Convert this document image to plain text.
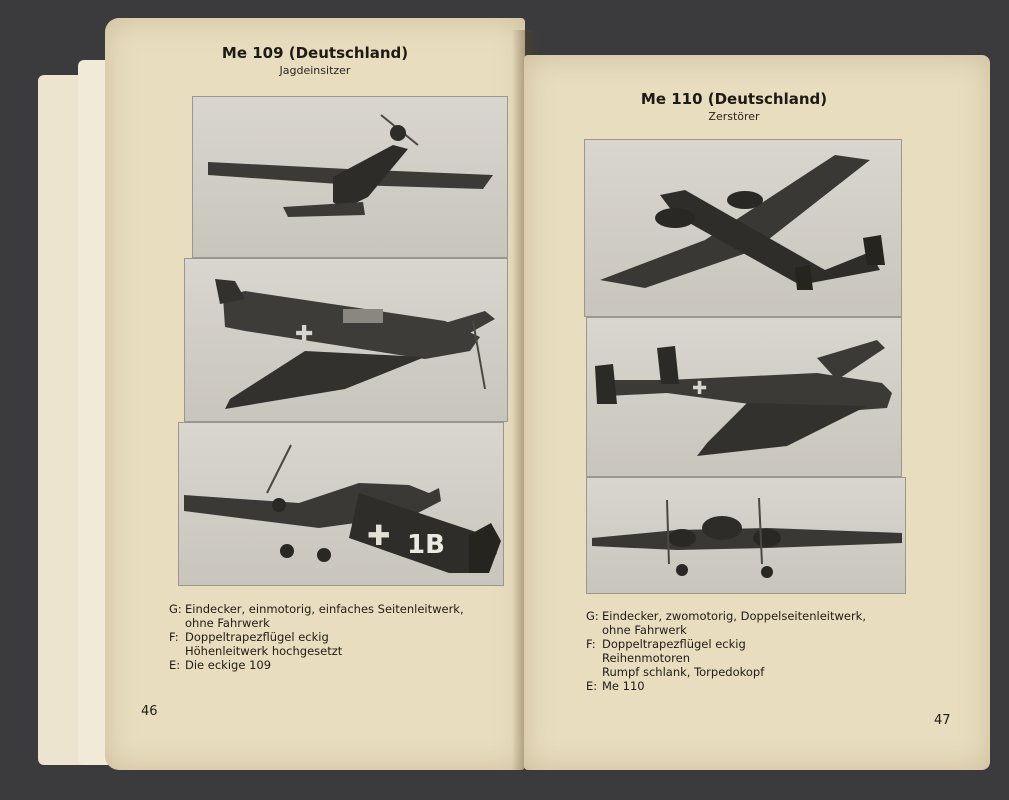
Me 109 (Deutschland)
Jagdeinsitzer
✚
✚ 1B
G: Eindecker, einmotorig, einfaches Seitenleitwerk,
ohne Fahrwerk
F: Doppeltrapezflügel eckig
Höhenleitwerk hochgesetzt
E: Die eckige 109
46
Me 110 (Deutschland)
Zerstörer
✚
G: Eindecker, zwomotorig, Doppelseitenleitwerk,
ohne Fahrwerk
F: Doppeltrapezflügel eckig
Reihenmotoren
Rumpf schlank, Torpedokopf
E: Me 110
47
